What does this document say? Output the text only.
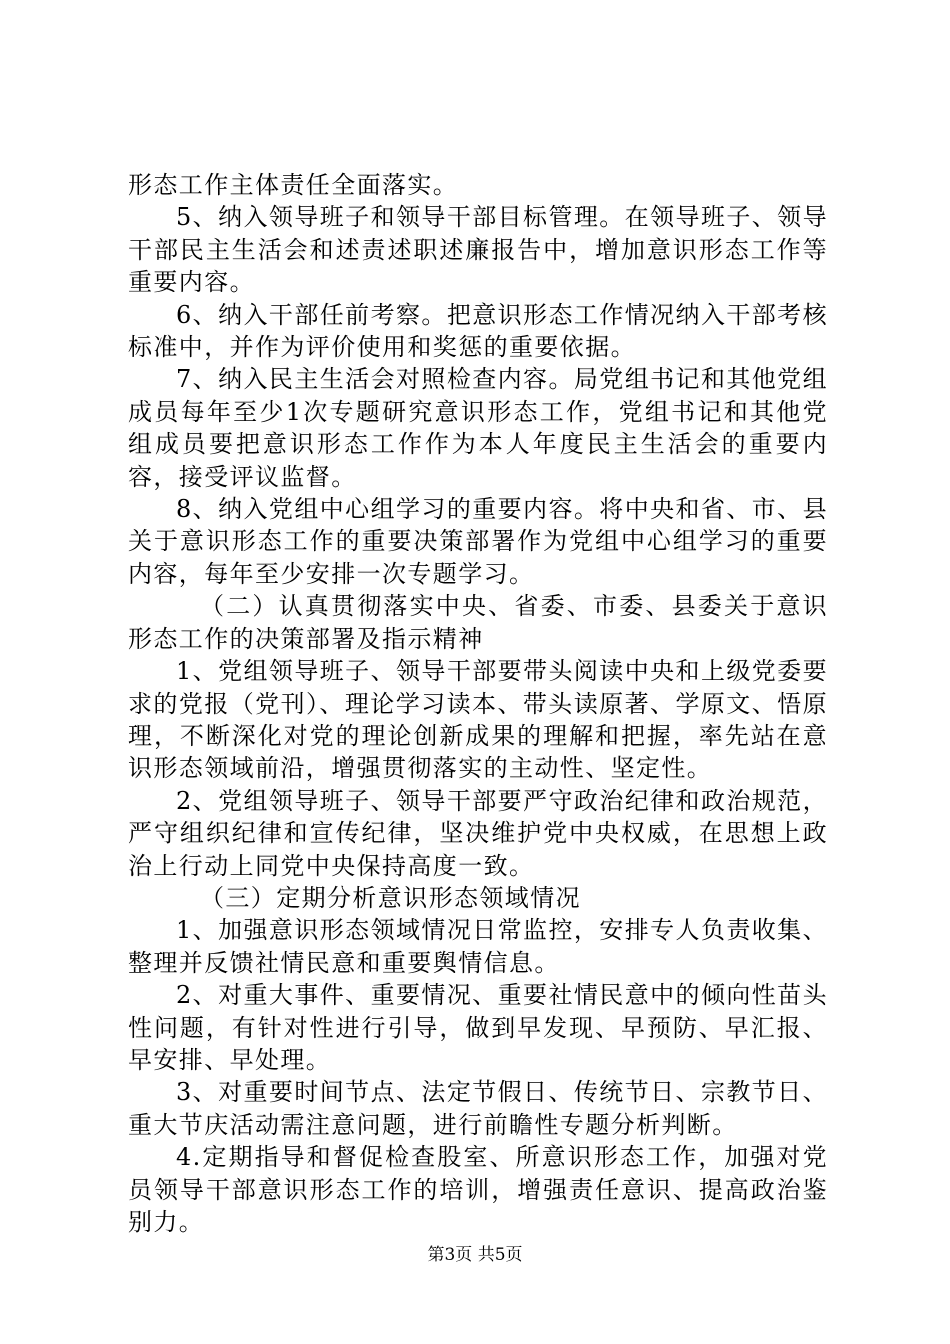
形态工作主体责任全面落实。

5、纳入领导班子和领导干部目标管理。在领导班子、领导干部民主生活会和述责述职述廉报告中，增加意识形态工作等重要内容。

6、纳入干部任前考察。把意识形态工作情况纳入干部考核标准中，并作为评价使用和奖惩的重要依据。

7、纳入民主生活会对照检查内容。局党组书记和其他党组成员每年至少1次专题研究意识形态工作，党组书记和其他党组成员要把意识形态工作作为本人年度民主生活会的重要内容，接受评议监督。

8、纳入党组中心组学习的重要内容。将中央和省、市、县关于意识形态工作的重要决策部署作为党组中心组学习的重要内容，每年至少安排一次专题学习。

（二）认真贯彻落实中央、省委、市委、县委关于意识形态工作的决策部署及指示精神

1、党组领导班子、领导干部要带头阅读中央和上级党委要求的党报（党刊）、理论学习读本、带头读原著、学原文、悟原理，不断深化对党的理论创新成果的理解和把握，率先站在意识形态领域前沿，增强贯彻落实的主动性、坚定性。

2、党组领导班子、领导干部要严守政治纪律和政治规范，严守组织纪律和宣传纪律，坚决维护党中央权威，在思想上政治上行动上同党中央保持高度一致。

（三）定期分析意识形态领域情况

1、加强意识形态领域情况日常监控，安排专人负责收集、整理并反馈社情民意和重要舆情信息。

2、对重大事件、重要情况、重要社情民意中的倾向性苗头性问题，有针对性进行引导，做到早发现、早预防、早汇报、早安排、早处理。

3、对重要时间节点、法定节假日、传统节日、宗教节日、重大节庆活动需注意问题，进行前瞻性专题分析判断。

4.定期指导和督促检查股室、所意识形态工作，加强对党员领导干部意识形态工作的培训，增强责任意识、提高政治鉴别力。

第3页 共5页
